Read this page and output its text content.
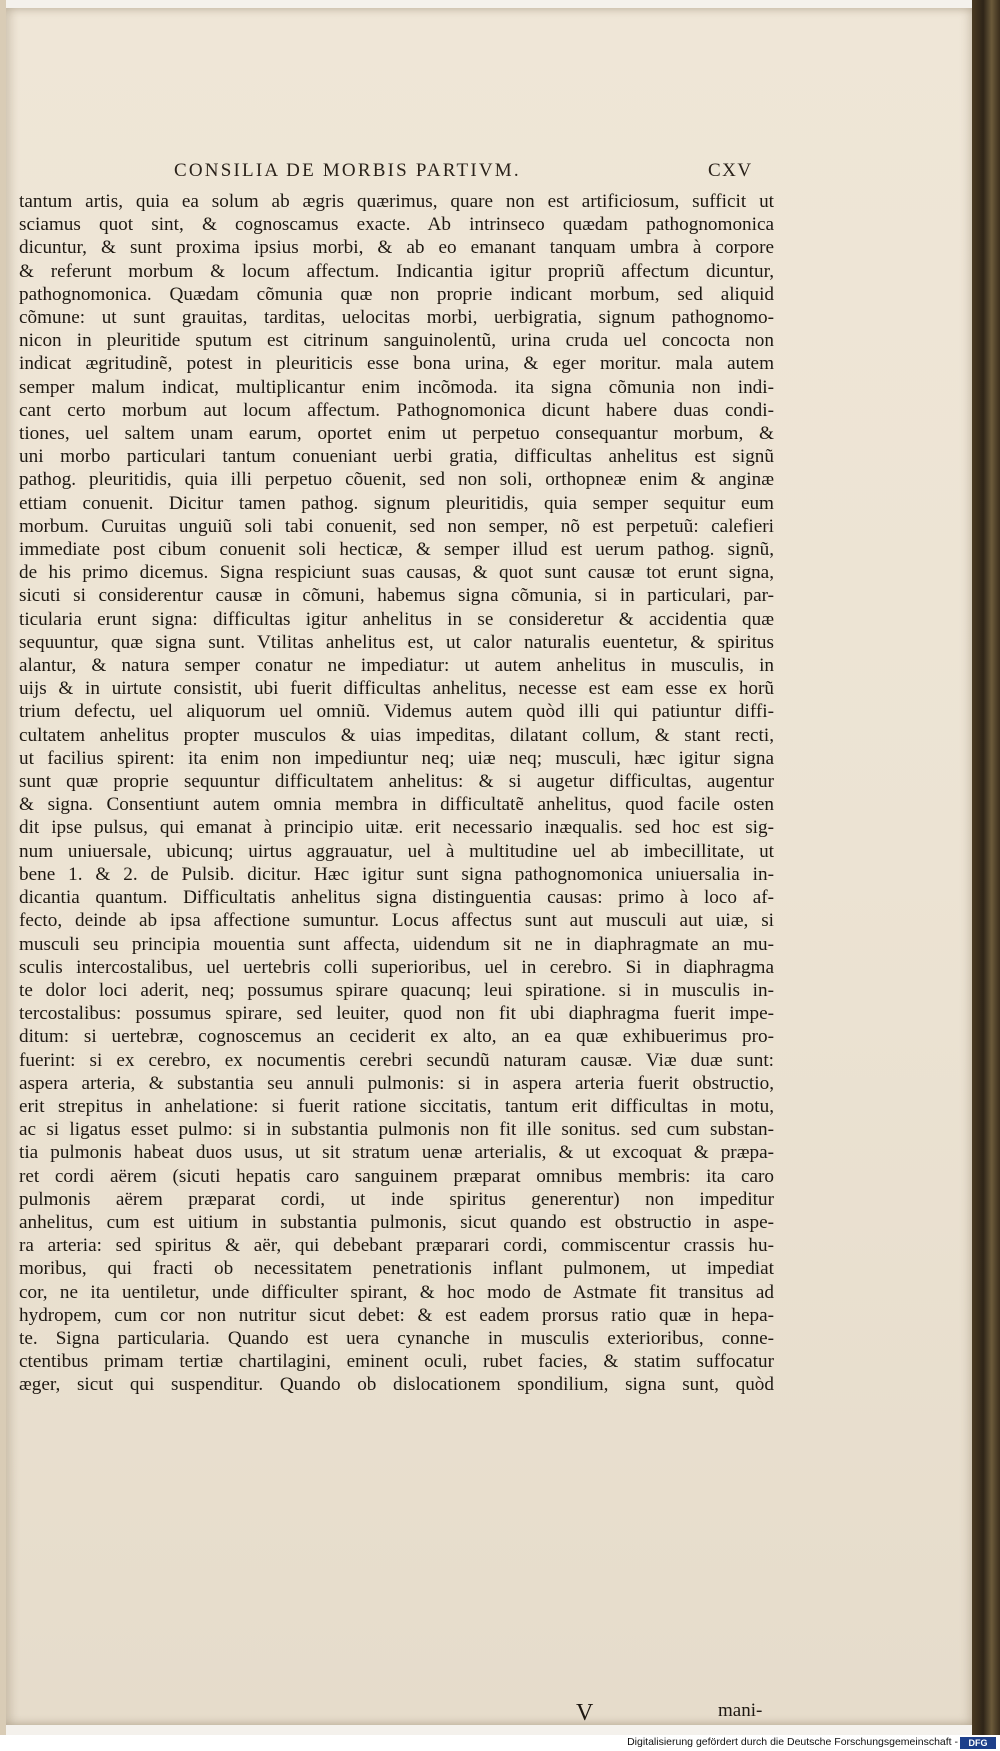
CONSILIA DE MORBIS PARTIVM.	CXV
tantum artis, quia ea solum ab ægris quærimus, quare non est artificiosum, sufficit ut
sciamus quot sint, & cognoscamus exacte. Ab intrinseco quædam pathognomonica
dicuntur, & sunt proxima ipsius morbi, & ab eo emanant tanquam umbra à corpore
& referunt morbum & locum affectum. Indicantia igitur propriũ affectum dicuntur,
pathognomonica. Quædam cõmunia quæ non proprie indicant morbum, sed aliquid
cõmune: ut sunt grauitas, tarditas, uelocitas morbi, uerbigratia, signum pathognomo-
nicon in pleuritide sputum est citrinum sanguinolentũ, urina cruda uel concocta non
indicat ægritudinẽ, potest in pleuriticis esse bona urina, & eger moritur. mala autem
semper malum indicat, multiplicantur enim incõmoda. ita signa cõmunia non indi-
cant certo morbum aut locum affectum. Pathognomonica dicunt habere duas condi-
tiones, uel saltem unam earum, oportet enim ut perpetuo consequantur morbum, &
uni morbo particulari tantum conueniant uerbi gratia, difficultas anhelitus est signũ
pathog. pleuritidis, quia illi perpetuo cõuenit, sed non soli, orthopneæ enim & anginæ
ettiam conuenit. Dicitur tamen pathog. signum pleuritidis, quia semper sequitur eum
morbum. Curuitas unguiũ soli tabi conuenit, sed non semper, nõ est perpetuũ: calefieri
immediate post cibum conuenit soli hecticæ, & semper illud est uerum pathog. signũ,
de his primo dicemus. Signa respiciunt suas causas, & quot sunt causæ tot erunt signa,
sicuti si considerentur causæ in cõmuni, habemus signa cõmunia, si in particulari, par-
ticularia erunt signa: difficultas igitur anhelitus in se consideretur & accidentia quæ
sequuntur, quæ signa sunt. Vtilitas anhelitus est, ut calor naturalis euentetur, & spiritus
alantur, & natura semper conatur ne impediatur: ut autem anhelitus in musculis, in
uijs & in uirtute consistit, ubi fuerit difficultas anhelitus, necesse est eam esse ex horũ
trium defectu, uel aliquorum uel omniũ. Videmus autem quòd illi qui patiuntur diffi-
cultatem anhelitus propter musculos & uias impeditas, dilatant collum, & stant recti,
ut facilius spirent: ita enim non impediuntur neq; uiæ neq; musculi, hæc igitur signa
sunt quæ proprie sequuntur difficultatem anhelitus: & si augetur difficultas, augentur
& signa. Consentiunt autem omnia membra in difficultatẽ anhelitus, quod facile osten
dit ipse pulsus, qui emanat à principio uitæ. erit necessario inæqualis. sed hoc est sig-
num uniuersale, ubicunq; uirtus aggrauatur, uel à multitudine uel ab imbecillitate, ut
bene 1. & 2. de Pulsib. dicitur. Hæc igitur sunt signa pathognomonica uniuersalia in-
dicantia quantum. Difficultatis anhelitus signa distinguentia causas: primo à loco af-
fecto, deinde ab ipsa affectione sumuntur. Locus affectus sunt aut musculi aut uiæ, si
musculi seu principia mouentia sunt affecta, uidendum sit ne in diaphragmate an mu-
sculis intercostalibus, uel uertebris colli superioribus, uel in cerebro. Si in diaphragma
te dolor loci aderit, neq; possumus spirare quacunq; leui spiratione. si in musculis in-
tercostalibus: possumus spirare, sed leuiter, quod non fit ubi diaphragma fuerit impe-
ditum: si uertebræ, cognoscemus an ceciderit ex alto, an ea quæ exhibuerimus pro-
fuerint: si ex cerebro, ex nocumentis cerebri secundũ naturam causæ. Viæ duæ sunt:
aspera arteria, & substantia seu annuli pulmonis: si in aspera arteria fuerit obstructio,
erit strepitus in anhelatione: si fuerit ratione siccitatis, tantum erit difficultas in motu,
ac si ligatus esset pulmo: si in substantia pulmonis non fit ille sonitus. sed cum substan-
tia pulmonis habeat duos usus, ut sit stratum uenæ arterialis, & ut excoquat & præpa-
ret cordi aërem (sicuti hepatis caro sanguinem præparat omnibus membris: ita caro
pulmonis aërem præparat cordi, ut inde spiritus generentur) non impeditur
anhelitus, cum est uitium in substantia pulmonis, sicut quando est obstructio in aspe-
ra arteria: sed spiritus & aër, qui debebant præparari cordi, commiscentur crassis hu-
moribus, qui fracti ob necessitatem penetrationis inflant pulmonem, ut impediat
cor, ne ita uentiletur, unde difficulter spirant, & hoc modo de Astmate fit transitus ad
hydropem, cum cor non nutritur sicut debet: & est eadem prorsus ratio quæ in hepa-
te. Signa particularia. Quando est uera cynanche in musculis exterioribus, conne-
ctentibus primam tertiæ chartilagini, eminent oculi, rubet facies, & statim suffocatur
æger, sicut qui suspenditur. Quando ob dislocationem spondilium, signa sunt, quòd
V	mani-
Digitalisierung gefördert durch die Deutsche Forschungsgemeinschaft -	DFG
